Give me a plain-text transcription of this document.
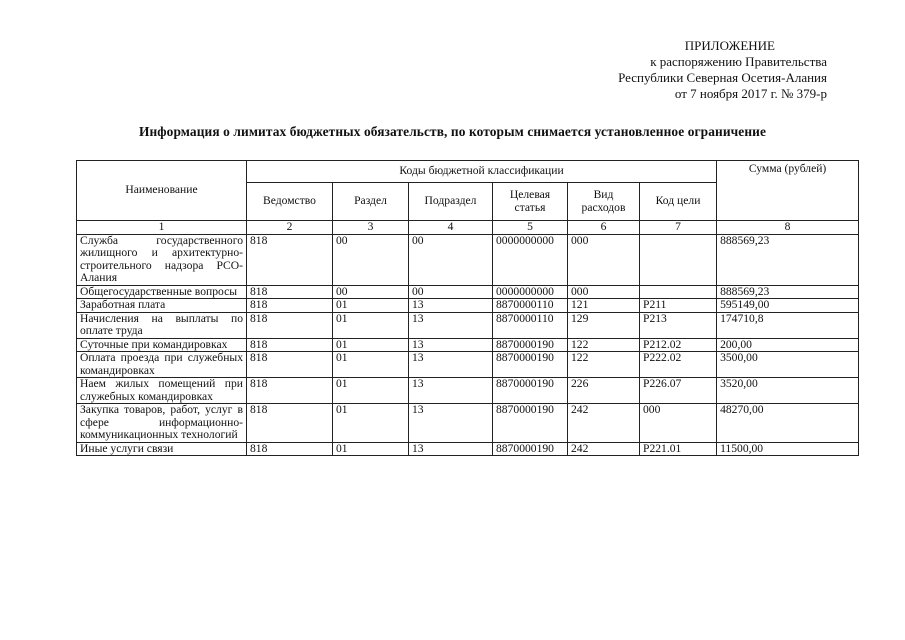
ПРИЛОЖЕНИЕ
к распоряжению Правительства
Республики Северная Осетия-Алания
от 7 ноября 2017 г. № 379-р
Информация о лимитах бюджетных обязательств, по которым снимается установленное ограничение
Наименование	Коды бюджетной классификации						Сумма (рублей)
	Ведомство	Раздел	Подраздел	Целевая статья	Вид расходов	Код цели	
1	2	3	4	5	6	7	8
Служба государственного жилищного и архитектурно-строительного надзора РСО-Алания	818	00	00	0000000000	000		888569,23
Общегосударственные вопросы	818	00	00	0000000000	000		888569,23
Заработная плата	818	01	13	8870000110	121	Р211	595149,00
Начисления на выплаты по оплате труда	818	01	13	8870000110	129	Р213	174710,8
Суточные при командировках	818	01	13	8870000190	122	Р212.02	200,00
Оплата проезда при служебных командировках	818	01	13	8870000190	122	Р222.02	3500,00
Наем жилых помещений при служебных командировках	818	01	13	8870000190	226	Р226.07	3520,00
Закупка товаров, работ, услуг в сфере информационно-коммуникационных технологий	818	01	13	8870000190	242	000	48270,00
Иные услуги связи	818	01	13	8870000190	242	Р221.01	11500,00
